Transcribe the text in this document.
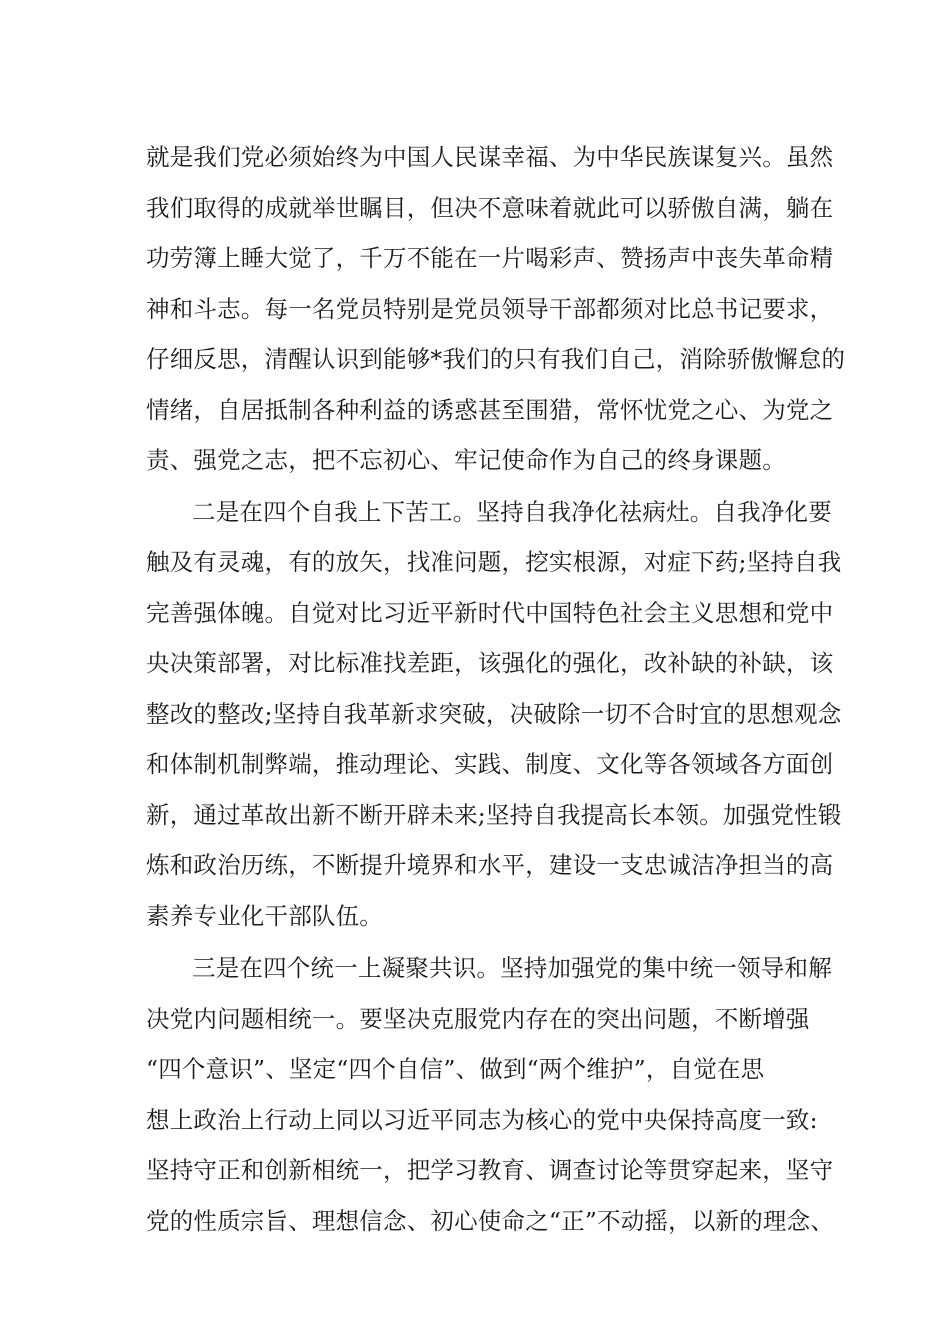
就是我们党必须始终为中国人民谋幸福、为中华民族谋复兴。虽然
我们取得的成就举世瞩目，但决不意味着就此可以骄傲自满，躺在
功劳簿上睡大觉了，千万不能在一片喝彩声、赞扬声中丧失革命精
神和斗志。每一名党员特别是党员领导干部都须对比总书记要求，
仔细反思，清醒认识到能够*我们的只有我们自己，消除骄傲懈怠的
情绪，自居抵制各种利益的诱惑甚至围猎，常怀忧党之心、为党之
责、强党之志，把不忘初心、牢记使命作为自己的终身课题。
二是在四个自我上下苦工。坚持自我净化祛病灶。自我净化要
触及有灵魂，有的放矢，找准问题，挖实根源，对症下药;坚持自我
完善强体魄。自觉对比习近平新时代中国特色社会主义思想和党中
央决策部署，对比标准找差距，该强化的强化，改补缺的补缺，该
整改的整改;坚持自我革新求突破，决破除一切不合时宜的思想观念
和体制机制弊端，推动理论、实践、制度、文化等各领域各方面创
新，通过革故出新不断开辟未来;坚持自我提高长本领。加强党性锻
炼和政治历练，不断提升境界和水平，建设一支忠诚洁净担当的高
素养专业化干部队伍。
三是在四个统一上凝聚共识。坚持加强党的集中统一领导和解
决党内问题相统一。要坚决克服党内存在的突出问题，不断增强
“四个意识”、坚定“四个自信”、做到“两个维护”，自觉在思
想上政治上行动上同以习近平同志为核心的党中央保持高度一致:
坚持守正和创新相统一，把学习教育、调查讨论等贯穿起来，坚守
党的性质宗旨、理想信念、初心使命之“正”不动摇，以新的理念、
